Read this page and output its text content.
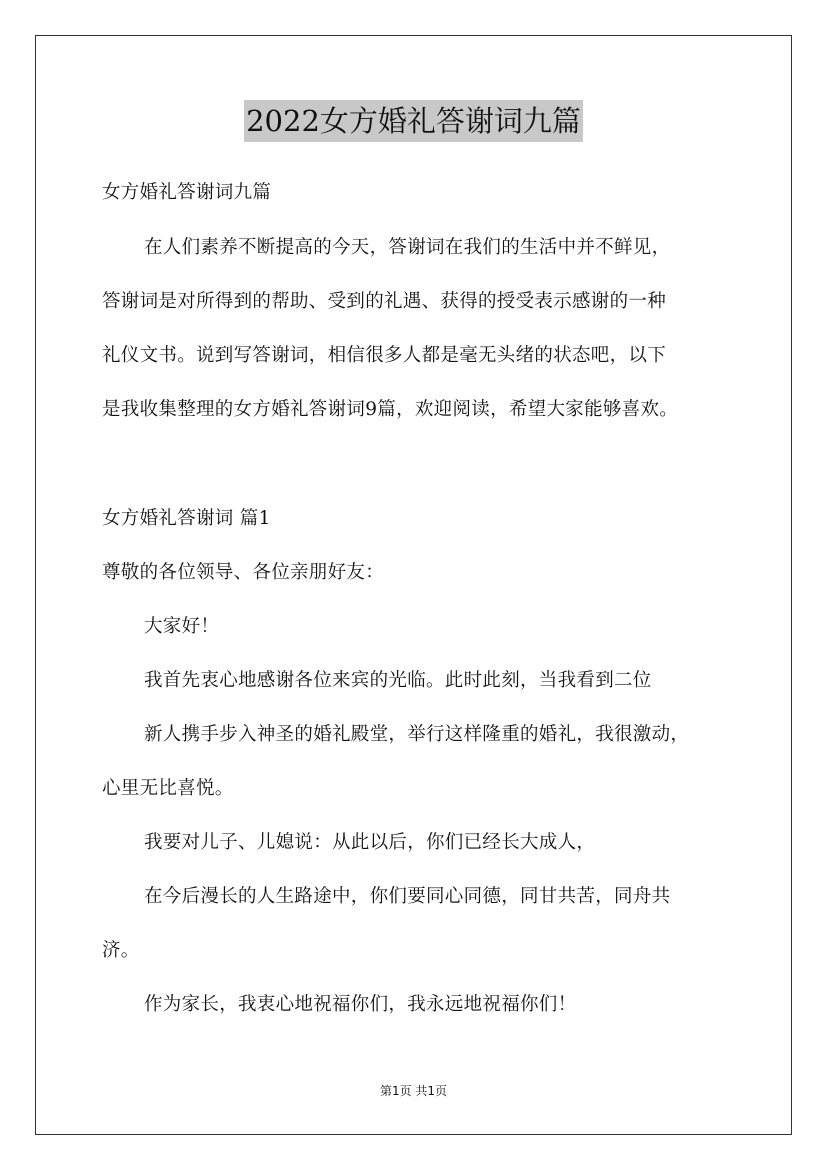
2022女方婚礼答谢词九篇
女方婚礼答谢词九篇
在人们素养不断提高的今天，答谢词在我们的生活中并不鲜见，
答谢词是对所得到的帮助、受到的礼遇、获得的授受表示感谢的一种
礼仪文书。说到写答谢词，相信很多人都是毫无头绪的状态吧，以下
是我收集整理的女方婚礼答谢词9篇，欢迎阅读，希望大家能够喜欢。
女方婚礼答谢词 篇1
尊敬的各位领导、各位亲朋好友：
大家好！
我首先衷心地感谢各位来宾的光临。此时此刻，当我看到二位
新人携手步入神圣的婚礼殿堂，举行这样隆重的婚礼，我很激动，
心里无比喜悦。
我要对儿子、儿媳说：从此以后，你们已经长大成人，
在今后漫长的人生路途中，你们要同心同德，同甘共苦，同舟共
济。
作为家长，我衷心地祝福你们，我永远地祝福你们！
第1页 共1页
